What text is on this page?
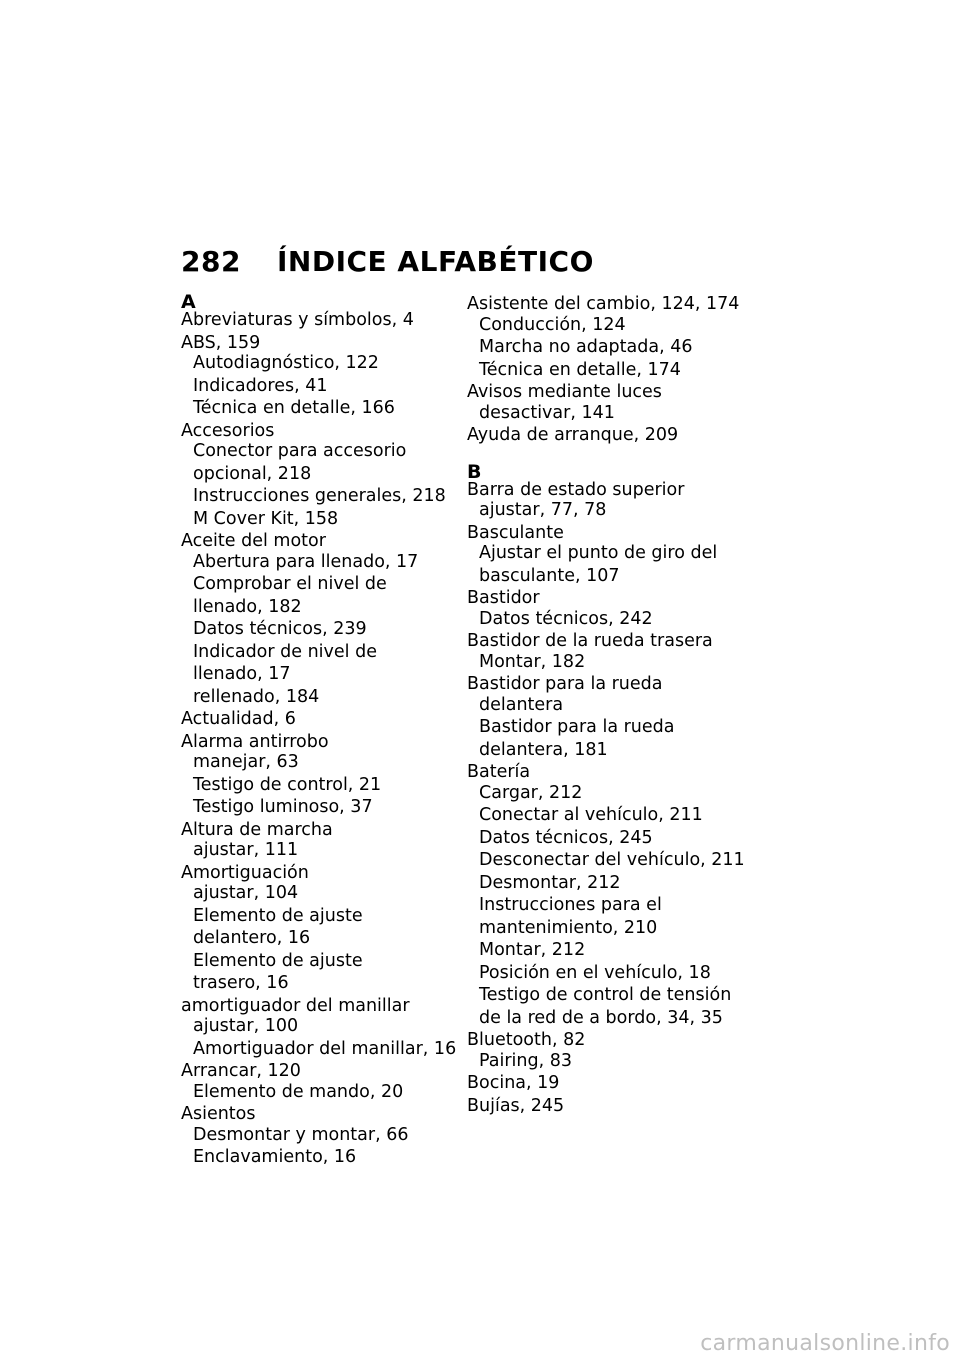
282 ÍNDICE ALFABÉTICO
A
Abreviaturas y símbolos, 4
ABS, 159
Autodiagnóstico, 122
Indicadores, 41
Técnica en detalle, 166
Accesorios
Conector para accesorio
opcional, 218
Instrucciones generales, 218
M Cover Kit, 158
Aceite del motor
Abertura para llenado, 17
Comprobar el nivel de
llenado, 182
Datos técnicos, 239
Indicador de nivel de
llenado, 17
rellenado, 184
Actualidad, 6
Alarma antirrobo
manejar, 63
Testigo de control, 21
Testigo luminoso, 37
Altura de marcha
ajustar, 111
Amortiguación
ajustar, 104
Elemento de ajuste
delantero, 16
Elemento de ajuste
trasero, 16
amortiguador del manillar
ajustar, 100
Amortiguador del manillar, 16
Arrancar, 120
Elemento de mando, 20
Asientos
Desmontar y montar, 66
Enclavamiento, 16
Asistente del cambio, 124, 174
Conducción, 124
Marcha no adaptada, 46
Técnica en detalle, 174
Avisos mediante luces
desactivar, 141
Ayuda de arranque, 209
B
Barra de estado superior
ajustar, 77, 78
Basculante
Ajustar el punto de giro del
basculante, 107
Bastidor
Datos técnicos, 242
Bastidor de la rueda trasera
Montar, 182
Bastidor para la rueda
delantera
Bastidor para la rueda
delantera, 181
Batería
Cargar, 212
Conectar al vehículo, 211
Datos técnicos, 245
Desconectar del vehículo, 211
Desmontar, 212
Instrucciones para el
mantenimiento, 210
Montar, 212
Posición en el vehículo, 18
Testigo de control de tensión
de la red de a bordo, 34, 35
Bluetooth, 82
Pairing, 83
Bocina, 19
Bujías, 245
carmanualsonline.info
